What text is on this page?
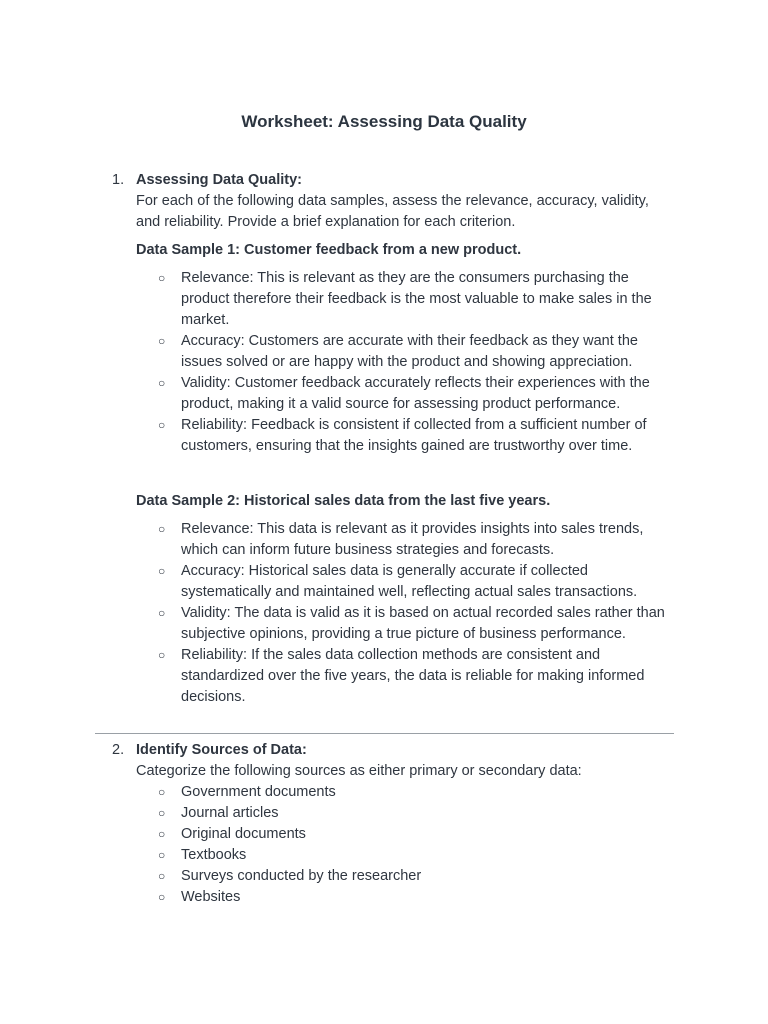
Worksheet: Assessing Data Quality
1. Assessing Data Quality:

For each of the following data samples, assess the relevance, accuracy, validity, and reliability. Provide a brief explanation for each criterion.

Data Sample 1: Customer feedback from a new product.

○ Relevance: This is relevant as they are the consumers purchasing the product therefore their feedback is the most valuable to make sales in the market.
○ Accuracy: Customers are accurate with their feedback as they want the issues solved or are happy with the product and showing appreciation.
○ Validity: Customer feedback accurately reflects their experiences with the product, making it a valid source for assessing product performance.
○ Reliability: Feedback is consistent if collected from a sufficient number of customers, ensuring that the insights gained are trustworthy over time.

Data Sample 2: Historical sales data from the last five years.

○ Relevance: This data is relevant as it provides insights into sales trends, which can inform future business strategies and forecasts.
○ Accuracy: Historical sales data is generally accurate if collected systematically and maintained well, reflecting actual sales transactions.
○ Validity: The data is valid as it is based on actual recorded sales rather than subjective opinions, providing a true picture of business performance.
○ Reliability: If the sales data collection methods are consistent and standardized over the five years, the data is reliable for making informed decisions.
2. Identify Sources of Data:

Categorize the following sources as either primary or secondary data:

○ Government documents
○ Journal articles
○ Original documents
○ Textbooks
○ Surveys conducted by the researcher
○ Websites
